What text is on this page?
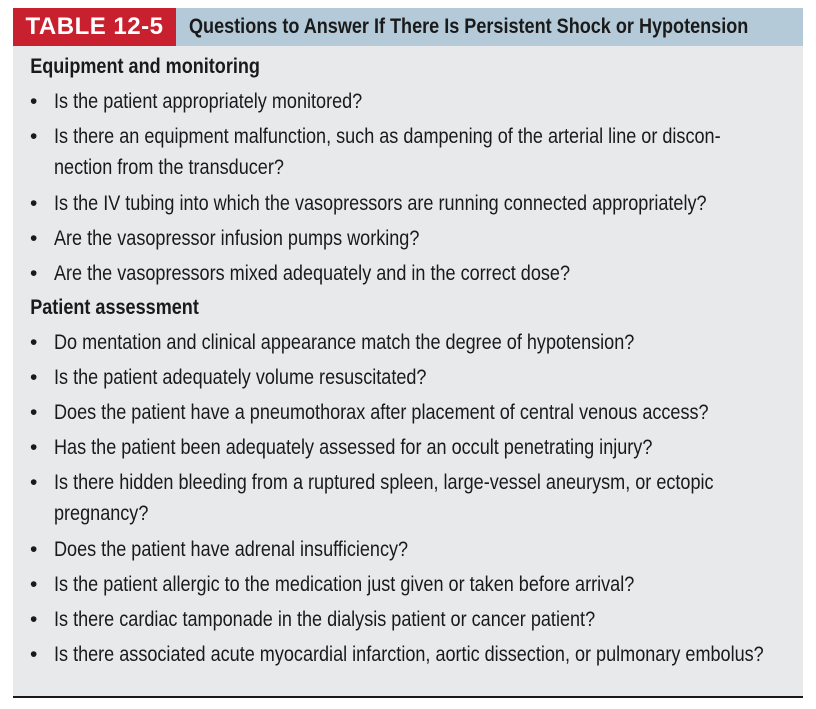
TABLE 12-5	Questions to Answer If There Is Persistent Shock or Hypotension
Equipment and monitoring
• Is the patient appropriately monitored?
• Is there an equipment malfunction, such as dampening of the arterial line or discon-
nection from the transducer?
• Is the IV tubing into which the vasopressors are running connected appropriately?
• Are the vasopressor infusion pumps working?
• Are the vasopressors mixed adequately and in the correct dose?
Patient assessment
• Do mentation and clinical appearance match the degree of hypotension?
• Is the patient adequately volume resuscitated?
• Does the patient have a pneumothorax after placement of central venous access?
• Has the patient been adequately assessed for an occult penetrating injury?
• Is there hidden bleeding from a ruptured spleen, large-vessel aneurysm, or ectopic
pregnancy?
• Does the patient have adrenal insufficiency?
• Is the patient allergic to the medication just given or taken before arrival?
• Is there cardiac tamponade in the dialysis patient or cancer patient?
• Is there associated acute myocardial infarction, aortic dissection, or pulmonary embolus?
